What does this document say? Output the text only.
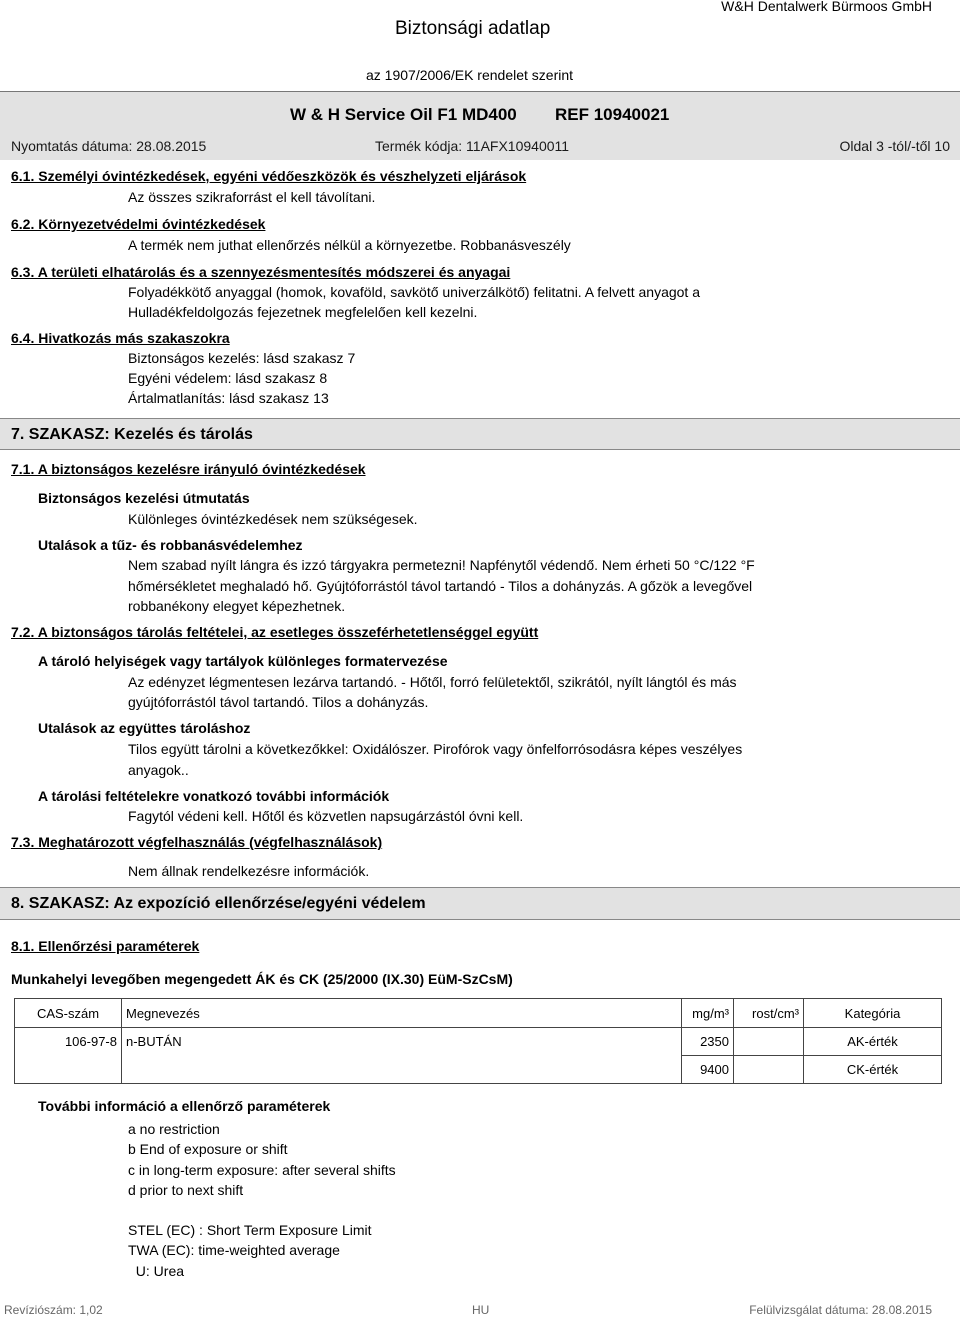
Biztonsági adatlap
W&H Dentalwerk Bürmoos GmbH
az 1907/2006/EK rendelet szerint
W & H Service Oil F1 MD400 REF 10940021
Nyomtatás dátuma: 28.08.2015	Termék kódja: 11AFX10940011	Oldal 3 -tól/-től 10
6.1. Személyi óvintézkedések, egyéni védőeszközök és vészhelyzeti eljárások
Az összes szikraforrást el kell távolítani.
6.2. Környezetvédelmi óvintézkedések
A termék nem juthat ellenőrzés nélkül a környezetbe. Robbanásveszély
6.3. A területi elhatárolás és a szennyezésmentesítés módszerei és anyagai
Folyadékkötő anyaggal (homok, kovaföld, savkötő univerzálkötő) felitatni. A felvett anyagot a
Hulladékfeldolgozás fejezetnek megfelelően kell kezelni.
6.4. Hivatkozás más szakaszokra
Biztonságos kezelés: lásd szakasz 7
Egyéni védelem: lásd szakasz 8
Ártalmatlanítás: lásd szakasz 13
7. SZAKASZ: Kezelés és tárolás
7.1. A biztonságos kezelésre irányuló óvintézkedések
Biztonságos kezelési útmutatás
Különleges óvintézkedések nem szükségesek.
Utalások a tűz- és robbanásvédelemhez
Nem szabad nyílt lángra és izzó tárgyakra permetezni! Napfénytől védendő. Nem érheti 50 °C/122 °F
hőmérsékletet meghaladó hő. Gyújtóforrástól távol tartandó - Tilos a dohányzás. A gőzök a levegővel
robbanékony elegyet képezhetnek.
7.2. A biztonságos tárolás feltételei, az esetleges összeférhetetlenséggel együtt
A tároló helyiségek vagy tartályok különleges formatervezése
Az edényzet légmentesen lezárva tartandó. - Hőtől, forró felületektől, szikrától, nyílt lángtól és más
gyújtóforrástól távol tartandó. Tilos a dohányzás.
Utalások az együttes tároláshoz
Tilos együtt tárolni a következőkkel: Oxidálószer. Pirofórok vagy önfelforrósodásra képes veszélyes
anyagok..
A tárolási feltételekre vonatkozó további információk
Fagytól védeni kell. Hőtől és közvetlen napsugárzástól óvni kell.
7.3. Meghatározott végfelhasználás (végfelhasználások)
Nem állnak rendelkezésre információk.
8. SZAKASZ: Az expozíció ellenőrzése/egyéni védelem
8.1. Ellenőrzési paraméterek
Munkahelyi levegőben megengedett ÁK és CK (25/2000 (IX.30) EüM-SzCsM)
CAS-szám	Megnevezés	mg/m³	rost/cm³	Kategória
106-97-8	n-BUTÁN	2350		AK-érték
		9400		CK-érték
További információ a ellenőrző paraméterek
a no restriction
b End of exposure or shift
c in long-term exposure: after several shifts
d prior to next shift
STEL (EC) : Short Term Exposure Limit
TWA (EC): time-weighted average
U: Urea
Revíziószám: 1,02	HU	Felülvizsgálat dátuma: 28.08.2015
